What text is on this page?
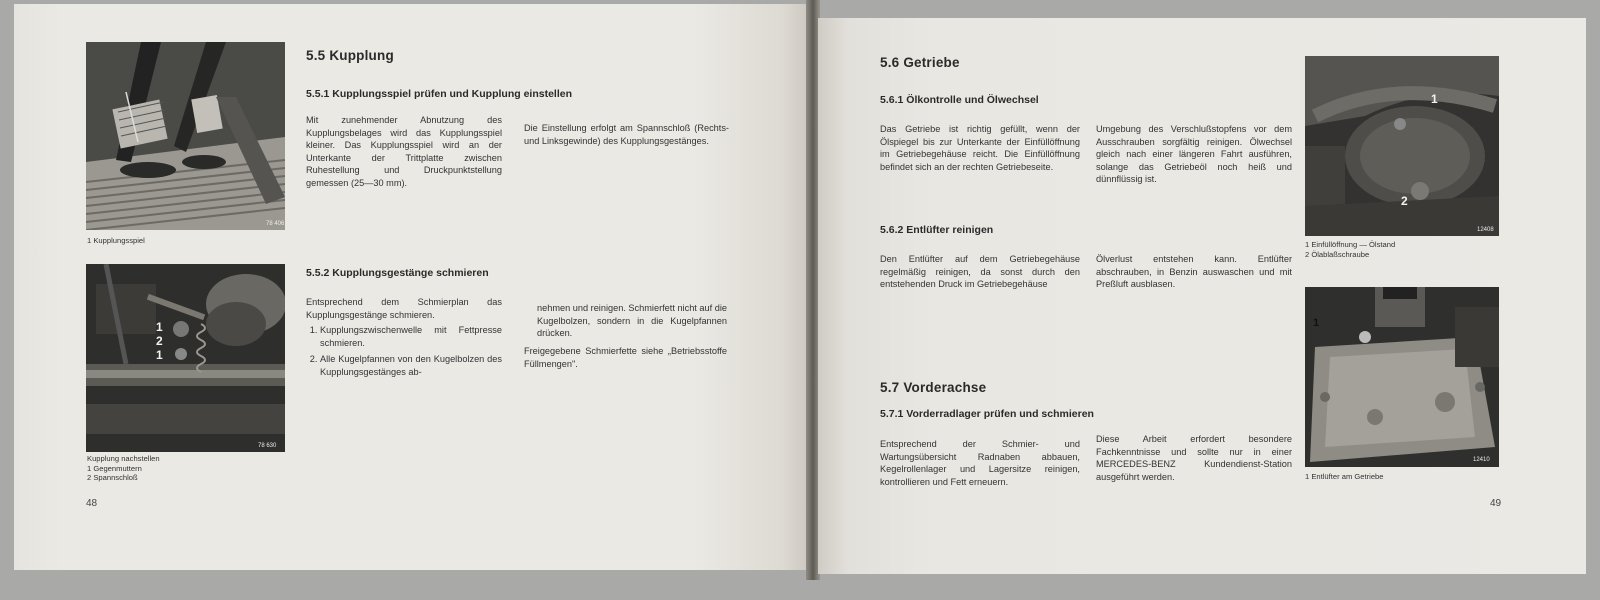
78 406
1 Kupplungsspiel
78 630
1
2
1
Kupplung nachstellen
1 Gegenmuttern
2 Spannschloß
5.5 Kupplung
5.5.1 Kupplungsspiel prüfen und Kupplung einstellen
Mit zunehmender Abnutzung des Kupplungsbelages wird das Kupplungsspiel kleiner. Das Kupplungsspiel wird an der Unterkante der Trittplatte zwischen Ruhestellung und Druckpunktstellung gemessen (25—30 mm).
Die Einstellung erfolgt am Spannschloß (Rechts- und Linksgewinde) des Kupplungsgestänges.
5.5.2 Kupplungsgestänge schmieren
Entsprechend dem Schmierplan das Kupplungsgestänge schmieren.
1. Kupplungszwischenwelle mit Fettpresse schmieren.
2. Alle Kugelpfannen von den Kugelbolzen des Kupplungsgestänges ab-
nehmen und reinigen. Schmierfett nicht auf die Kugelbolzen, sondern in die Kugelpfannen drücken.
Freigegebene Schmierfette siehe „Betriebsstoffe Füllmengen".
48
5.6 Getriebe
5.6.1 Ölkontrolle und Ölwechsel
Das Getriebe ist richtig gefüllt, wenn der Ölspiegel bis zur Unterkante der Einfüllöffnung im Getriebegehäuse reicht. Die Einfüllöffnung befindet sich an der rechten Getriebeseite.
Umgebung des Verschlußstopfens vor dem Ausschrauben sorgfältig reinigen. Ölwechsel gleich nach einer längeren Fahrt ausführen, solange das Getriebeöl noch heiß und dünnflüssig ist.
5.6.2 Entlüfter reinigen
Den Entlüfter auf dem Getriebegehäuse regelmäßig reinigen, da sonst durch den entstehenden Druck im Getriebegehäuse
Ölverlust entstehen kann. Entlüfter abschrauben, in Benzin auswaschen und mit Preßluft ausblasen.
5.7 Vorderachse
5.7.1 Vorderradlager prüfen und schmieren
Entsprechend der Schmier- und Wartungsübersicht Radnaben abbauen, Kegelrollenlager und Lagersitze reinigen, kontrollieren und Fett erneuern.
Diese Arbeit erfordert besondere Fachkenntnisse und sollte nur in einer MERCEDES-BENZ Kundendienst-Station ausgeführt werden.
12408
1
2
1 Einfüllöffnung — Ölstand
2 Ölablaßschraube
12410
1
1 Entlüfter am Getriebe
49
